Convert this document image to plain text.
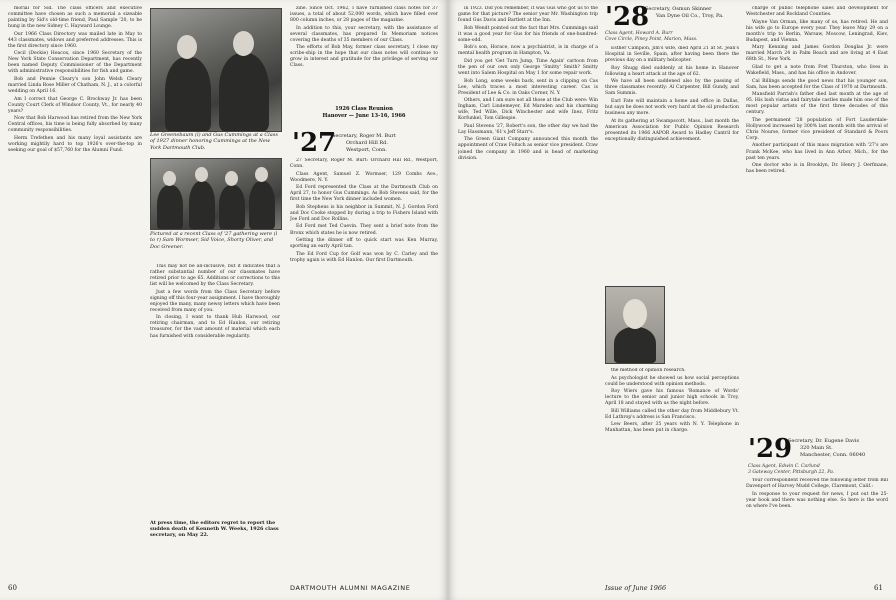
morial for Sid. The class officers and executive committee have chosen as such a memorial a sizeable painting by Sid's old-time friend, Paul Sample '20, to be hung in the new Sidney C. Hayward Lounge.

Our 1966 Class Directory was mailed late in May to 443 classmates, widows and preferred addresses. This is the first directory since 1960.

Cecil (Deckie) Heacox, since 1960 Secretary of the New York State Conservation Department, has recently been named Deputy Commissioner of the Department with administrative responsibilities for fish and game.

Bob and Pennie Cleary's son John Welsh Cleary married Linda Rose Miller of Chatham, N. J., at a colorful wedding on April 16.

Am I correct that George C. Brockway Jr. has been County Court Clerk of Windsor County, Vt., for nearly 40 years?

Now that Bob Harwood has retired from the New York Central offices, his time is being fully absorbed by many community responsibilities.

Herm Trefethen and his many loyal assistants are working mightily hard to top 1926's over-the-top in seeking our goal of $57,760 for the Alumni Fund.

Lee Greenebaum (l) and Gus Cummings at a Class of 1927 dinner honoring Cummings at the New York Dartmouth Club.
Pictured at a recent Class of '27 gathering were (l to r) Sam Wormser, Sid Voice, Shorty Oliver, and Doc Greener.

This may not be all-inclusive, but it indicates that a rather substantial number of our classmates have retired prior to age 65. Additions or corrections to this list will be welcomed by the Class Secretary.

Just a few words from the Class Secretary before signing off this four-year assignment. I have thoroughly enjoyed the many, many newsy letters which have been received from many of you.

In closing, I want to thank Hub Harwood, our retiring chairman, and to Ed Hanlon, our retiring treasurer, for the vast amount of material which each has furnished with considerable regularity.

At press time, the editors regret to report the sudden death of Kenneth W. Weeks, 1926 class secretary, on May 22.

zine. Since Oct. 1962, I have furnished class notes for 37 issues, a total of about 52,000 words, which have filled over 800 column inches, or 28 pages of the magazine.

In addition to this, your secretary, with the assistance of several classmates, has prepared In Memoriam notices covering the deaths of 35 members of our Class.

The efforts of Bob May, former class secretary, I close my scribe-ship in the hope that our class notes will continue to grow in interest and gratitude for the privilege of serving our Class.

1926 Class Reunion
Hanover — June 13-16, 1966
'27
Secretary, Roger M. Burt
Orchard Hill Rd.
Westport, Conn.

27 Secretary, Roger M. Burt: Orchard Hill Rd., Westport, Conn.

Class Agent, Samuel Z. Wormser, 129 Combs Ave., Woodmere, N. Y.

Ed Ford represented the Class at the Dartmouth Club on April 27, to honor Gus Cummings. As Bob Stevens said, for the first time the New York dinner included women.

Bob Stephens is his neighbor in Summit, N. J. Gordon Ford and Doc Cooke stopped by during a trip to Fishers Island with Joe Ford and Doc Rollins.

Ed Ford met Ted Cuevin. They sent a brief note from the Bronx which states he is now retired.

Getting the dinner off to quick start was Ken Murray, sporting an early April tan.

The Ed Ford Cup for Golf was won by C. Carley and the trophy again is with Ed Hanlon. Our first Dartmouth.

60	DARTMOUTH ALUMNI MAGAZINE

in 1923. Did you remember, it was Gus who got us to the game for that picture? The senior year Mr. Washington trip found Gus Davis and Bartlett at the Inn.

Bob Wendt pointed out the fact that Mrs. Cummings said it was a good year for Gus for his friends of one-hundred-some-odd.

Bob's son, Horace, now a psychiatrist, is in charge of a mental health program in Hampton, Va.

Did you get 'Get Turn Jump, Time Again' cartoon from the pen of our own only George 'Smitty' Smith? Smitty went into Salem Hospital on May 1 for some repair work.

Bob Long, some weeks back, sent in a clipping on Cas Lee, which traces a most interesting career. Cas is President of Lee & Co. in Oaks Corner, N. Y.

Others, and I am sure not all those at the Club were: Win Ingham, Carl Lindemeyer, Ed Marsden and his charming wife, Ted Wille, Dick Winchester and wife Inez, Fritz Korfunkel, Tom Gillespie.

Paul Stevens '27, Robert's son, the other day we had the Lay Hassmann, '61's Jeff Starr's.

The Green Giant Company announced this month the appointment of Craw Foltsch as senior vice president. Craw joined the company in 1960 and is head of marketing division.

'28
Secretary, Osmun Skinner
Van Dyne Oil Co., Troy, Pa.
Class Agent, Howard A. Burr
Cove Circle, Piney Point, Marion, Mass.

Esther Campion, Jim's wife, died April 21 at St. Jean's Hospital in Seville, Spain, after having been there the previous day on a military helicopter.

Roy Shugg died suddenly at his home in Hanover following a heart attack at the age of 62.

We have all been saddened also by the passing of three classmates recently: Al Carpenter, Bill Gundy, and Sam Summis.

Earl Fate will maintain a home and office in Dallas, but says he does not work very hard at the oil production business any more.

At its gathering at Swampscott, Mass., last month the American Association for Public Opinion Research presented its 1966 AAPOR Award to Hadley Cantril for exceptionally distinguished achievement.

the method of opinion research.

As psychologist he showed us how social perceptions could be understood with opinion methods.

Roy Wiers gave his famous 'Romance of Words' lecture to the senior and junior high schools in Troy, April 18 and stayed with us the night before.

Bill Williams called the other day from Middlebury Vt. Ed Lathrop's address is San Francisco.

Lew Beers, after 35 years with N. Y. Telephone in Manhattan, has been put in charge.

charge of public telephone sales and development for Westchester and Rockland Counties.

Wayne Van Orman, like many of us, has retired. He and his wife go to Europe every year. They leave May 29 on a month's trip to Berlin, Warsaw, Moscow, Leningrad, Kiev, Budapest, and Vienna.

Mary Kenning and James Gordon Douglas Jr. were married March 24 in Palm Beach and are living at 4 East 68th St., New York.

Glad to get a note from Fret Thurston, who lives in Wakefield, Mass., and has his office in Andover.

Cal Billings sends the good news that his younger son, Sam, has been accepted for the Class of 1970 at Dartmouth.

Mansfield Parrish's father died last month at the age of 95. His lush vistas and fairytale castles made him one of the most popular artists of the first three decades of this century.

The permanent '28 population of Fort Lauderdale-Hollywood increased by 300% last month with the arrival of Chris Nourse, former vice president of Standard & Poors Corp.

Another participant of this mass migration with '27's are Frank McKee, who has lived in Ann Arbor, Mich., for the past ten years.

One doctor who is in Brooklyn, Dr. Henry J. Oerfmane, has been retired.

'29
Secretary, Dr. Eugene Davis
320 Main St.
Manchester, Conn. 06040
Class Agent, Edwin C. Carlund
3 Gateway Center, Pittsburgh 22, Pa.

Your correspondent received the following letter from Bill Davenport of Harvey Mudd College, Claremont, Calif.:

In response to your request for news, I put out the 25-year book and there was nothing else. So here is the word on where I've been.

Issue of June 1966	61
